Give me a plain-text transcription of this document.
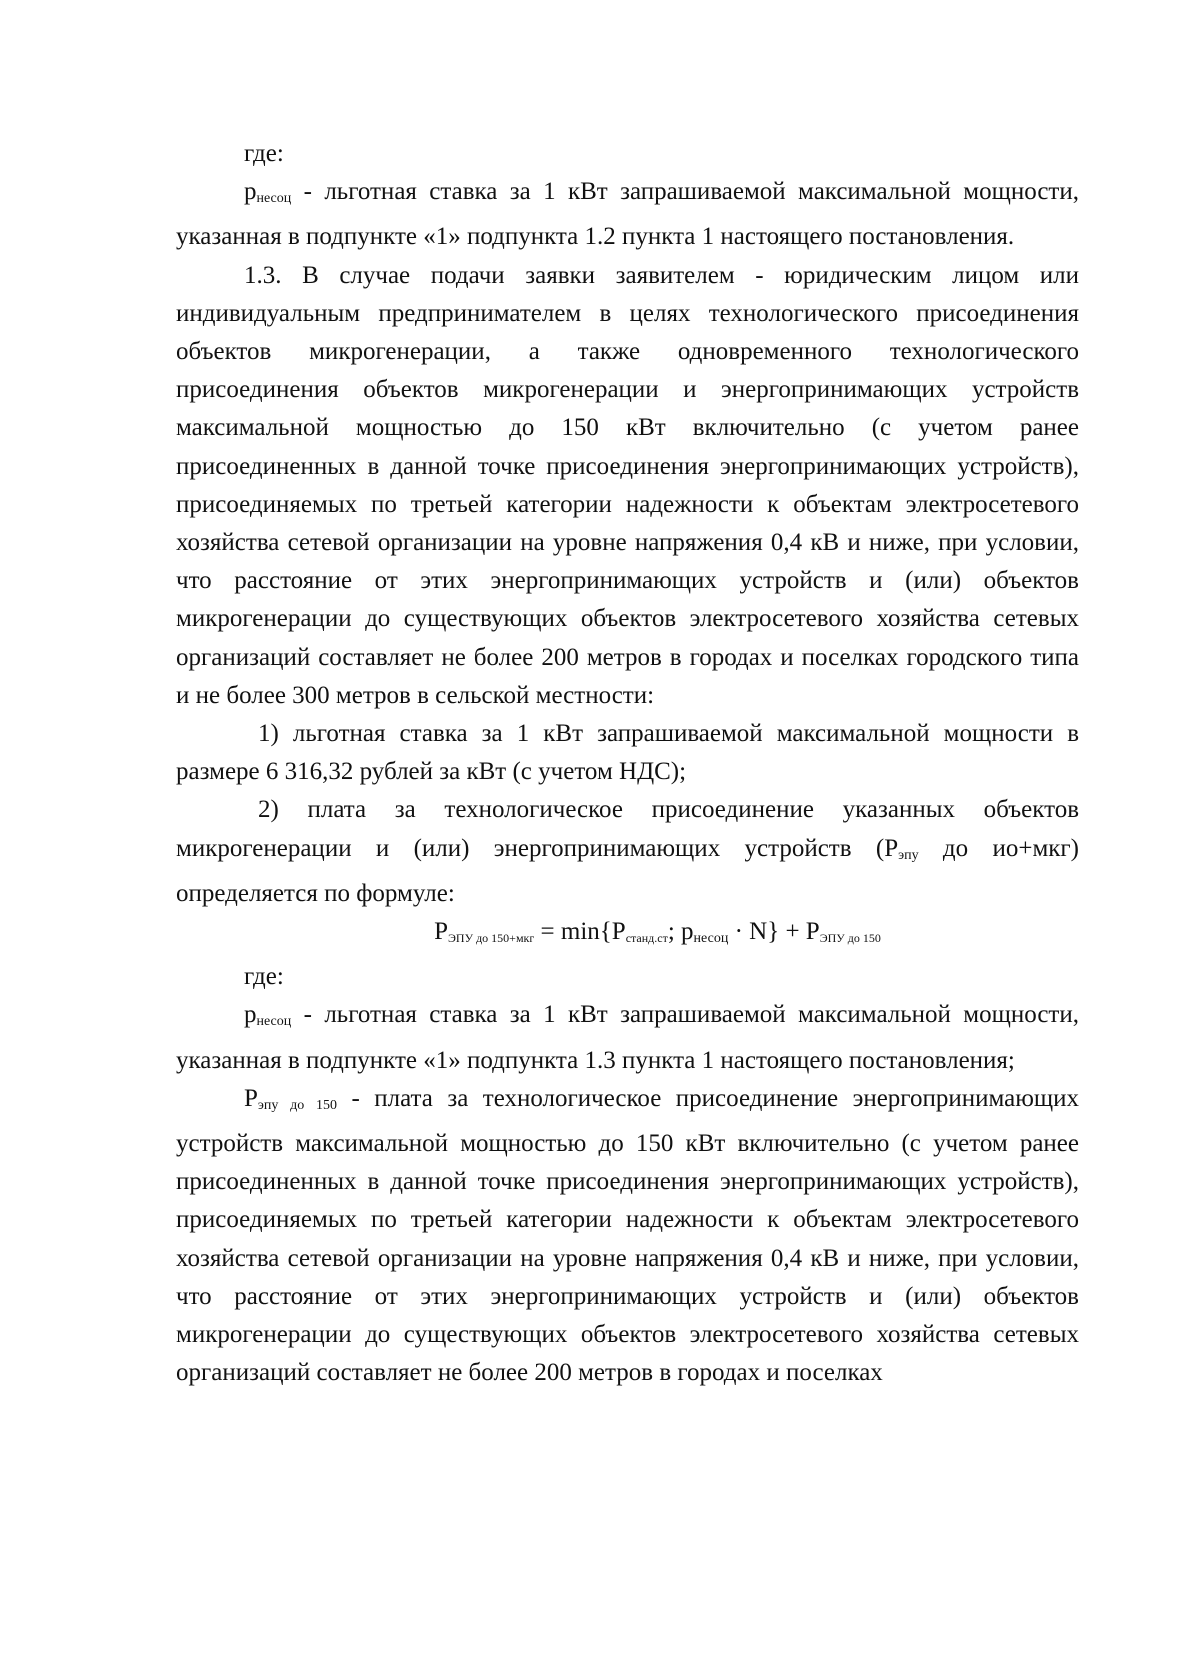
где:

$р_{несоц}$ - льготная ставка за 1 кВт запрашиваемой максимальной мощности, указанная в подпункте «1» подпункта 1.2 пункта 1 настоящего постановления.

1.3. В случае подачи заявки заявителем - юридическим лицом или индивидуальным предпринимателем в целях технологического присоединения объектов микрогенерации, а также одновременного технологического присоединения объектов микрогенерации и энергопринимающих устройств максимальной мощностью до 150 кВт включительно (с учетом ранее присоединенных в данной точке присоединения энергопринимающих устройств), присоединяемых по третьей категории надежности к объектам электросетевого хозяйства сетевой организации на уровне напряжения 0,4 кВ и ниже, при условии, что расстояние от этих энергопринимающих устройств и (или) объектов микрогенерации до существующих объектов электросетевого хозяйства сетевых организаций составляет не более 200 метров в городах и поселках городского типа и не более 300 метров в сельской местности:

1) льготная ставка за 1 кВт запрашиваемой максимальной мощности в размере 6 316,32 рублей за кВт (с учетом НДС);

2) плата за технологическое присоединение указанных объектов микрогенерации и (или) энергопринимающих устройств ($Р_{эпу}$ до ио+мкг) определяется по формуле:

РЭПУ до 150+мкг = min{Рстанд.ст; $р_{несоц} \cdot N$} + РЭПУ до 150

где:

$р_{несоц}$ - льготная ставка за 1 кВт запрашиваемой максимальной мощности, указанная в подпункте «1» подпункта 1.3 пункта 1 настоящего постановления;

$Р_{эпу до 150}$ - плата за технологическое присоединение энергопринимающих устройств максимальной мощностью до 150 кВт включительно (с учетом ранее присоединенных в данной точке присоединения энергопринимающих устройств), присоединяемых по третьей категории надежности к объектам электросетевого хозяйства сетевой организации на уровне напряжения 0,4 кВ и ниже, при условии, что расстояние от этих энергопринимающих устройств и (или) объектов микрогенерации до существующих объектов электросетевого хозяйства сетевых организаций составляет не более 200 метров в городах и поселках
